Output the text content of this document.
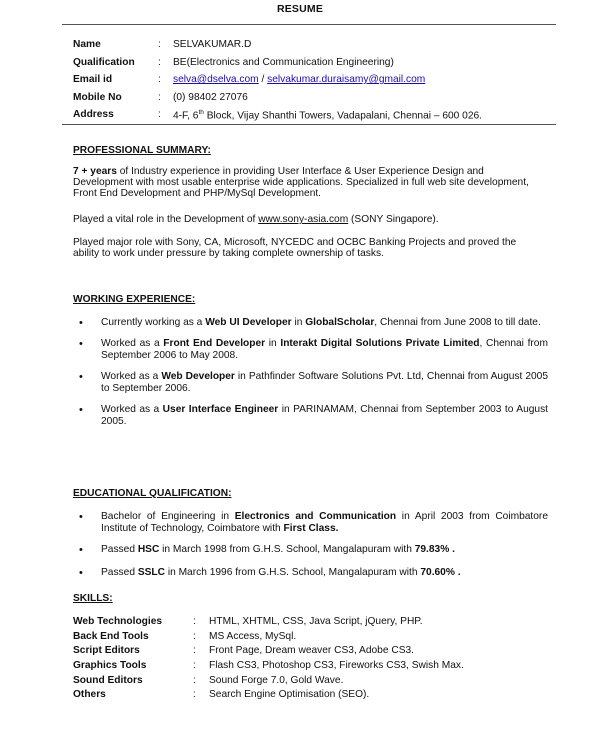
RESUME
Name	:	SELVAKUMAR.D
Qualification	:	BE(Electronics and Communication Engineering)
Email id	:	selva@dselva.com / selvakumar.duraisamy@gmail.com
Mobile No	:	(0) 98402 27076
Address	:	4-F, 6th Block, Vijay Shanthi Towers, Vadapalani, Chennai – 600 026.
PROFESSIONAL SUMMARY:
7 + years of Industry experience in providing User Interface & User Experience Design and Development with most usable enterprise wide applications. Specialized in full web site development, Front End Development and PHP/MySql Development.
Played a vital role in the Development of www.sony-asia.com (SONY Singapore).
Played major role with Sony, CA, Microsoft, NYCEDC and OCBC Banking Projects and proved the ability to work under pressure by taking complete ownership of tasks.
WORKING EXPERIENCE:
• Currently working as a Web UI Developer in GlobalScholar, Chennai from June 2008 to till date.
• Worked as a Front End Developer in Interakt Digital Solutions Private Limited, Chennai from September 2006 to May 2008.
• Worked as a Web Developer in Pathfinder Software Solutions Pvt. Ltd, Chennai from August 2005 to September 2006.
• Worked as a User Interface Engineer in PARINAMAM, Chennai from September 2003 to August 2005.
EDUCATIONAL QUALIFICATION:
• Bachelor of Engineering in Electronics and Communication in April 2003 from Coimbatore Institute of Technology, Coimbatore with First Class.
• Passed HSC in March 1998 from G.H.S. School, Mangalapuram with 79.83% .
• Passed SSLC in March 1996 from G.H.S. School, Mangalapuram with 70.60% .
SKILLS:
Web Technologies	:	HTML, XHTML, CSS, Java Script, jQuery, PHP.
Back End Tools	:	MS Access, MySql.
Script Editors	:	Front Page, Dream weaver CS3, Adobe CS3.
Graphics Tools	:	Flash CS3, Photoshop CS3, Fireworks CS3, Swish Max.
Sound Editors	:	Sound Forge 7.0, Gold Wave.
Others	:	Search Engine Optimisation (SEO).
